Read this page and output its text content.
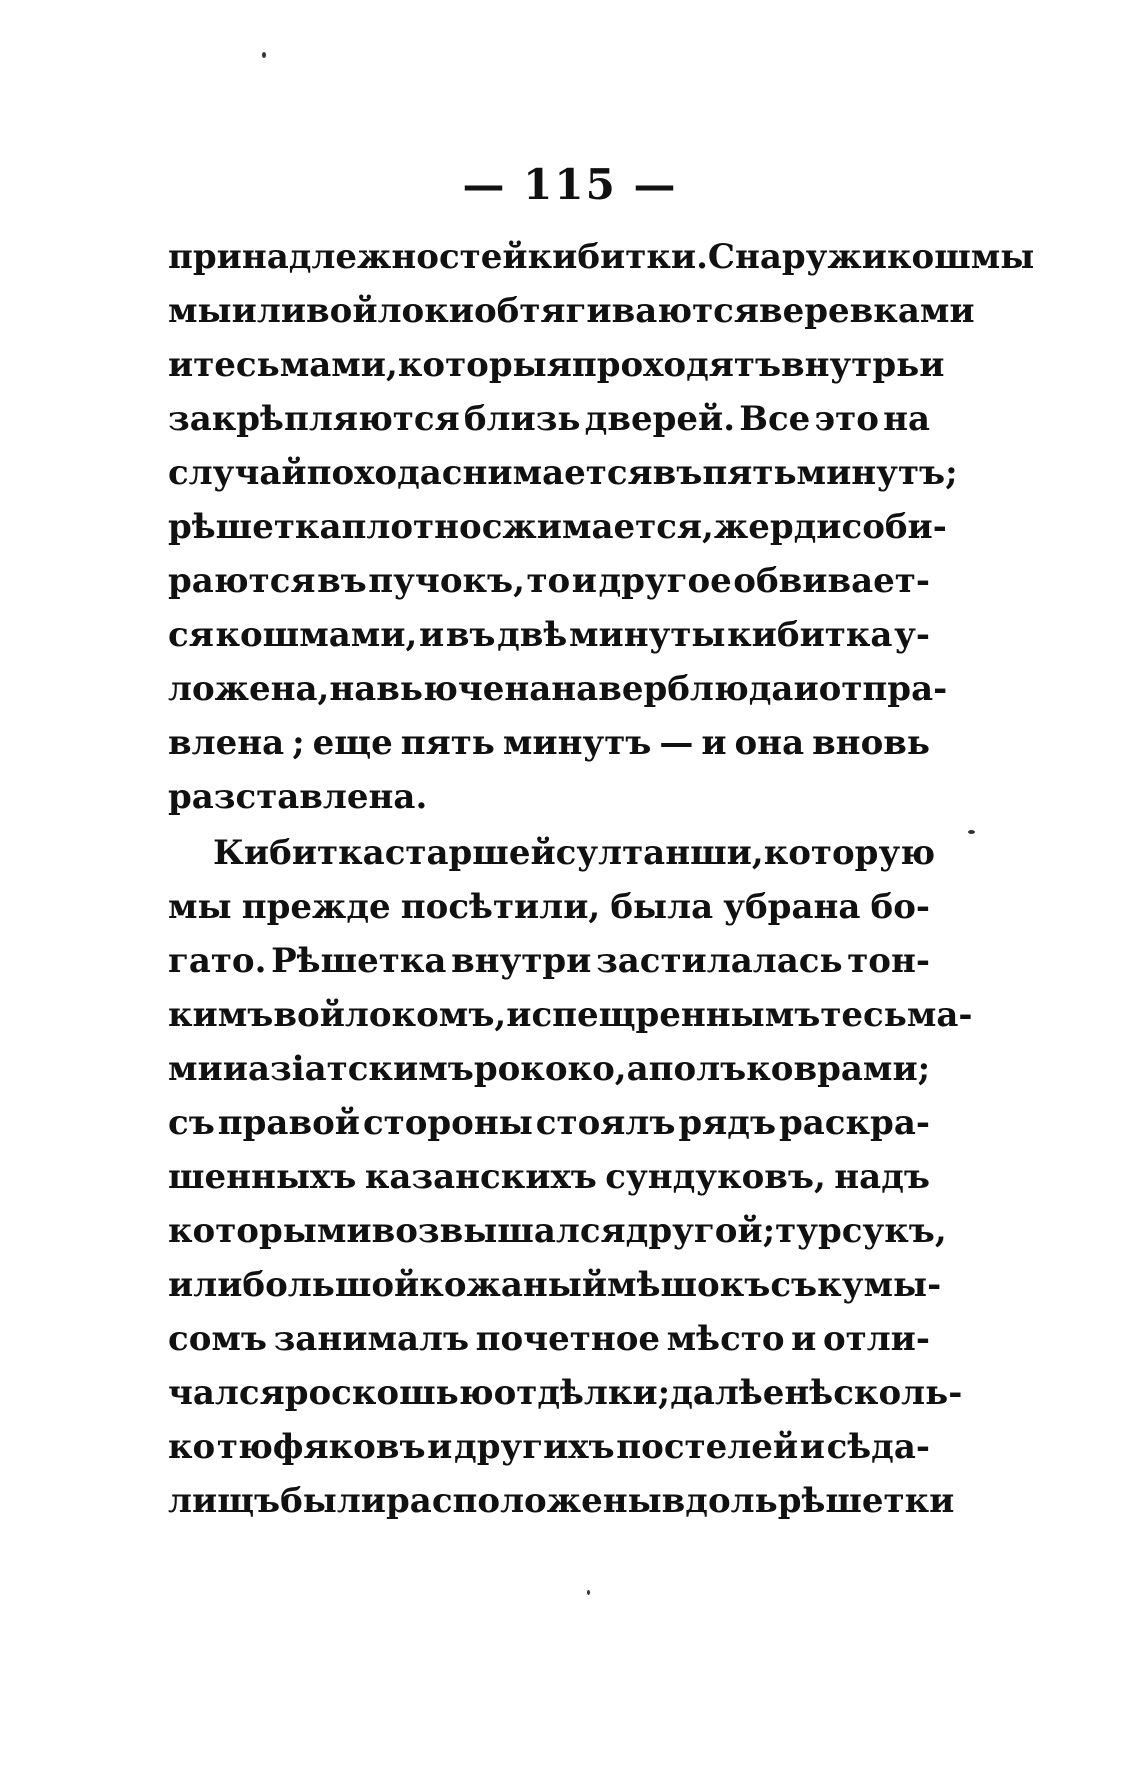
— 115 —
принадлежностей кибитки. Снаружи кошмы
мы или войлоки обтягиваются веревками
и тесьмами, которыя проходятъ внутрь и
закрѣпляются близь дверей. Все это на
случай похода снимается въ пять минутъ;
рѣшетка плотно сжимается, жерди соби-
раются въ пучокъ, то и другое обвивает-
ся кошмами, и въ двѣ минуты кибитка у-
ложена, навьючена на верблюда и отпра-
влена ; еще пять минутъ — и она вновь
разставлена.
Кибитка старшей султанши, которую
мы прежде посѣтили, была убрана бо-
гато. Рѣшетка внутри застилалась тон-
кимъ войлокомъ, испещреннымъ тесьма-
ми и азіатскимъ рококо, а полъ коврами;
съ правой стороны стоялъ рядъ раскра-
шенныхъ казанскихъ сундуковъ, надъ
которыми возвышался другой ; турсукъ,
или большой кожаный мѣшокъ съ кумы-
сомъ занималъ почетное мѣсто и отли-
чался роскошью отдѣлки ; далѣе нѣсколь-
ко тюфяковъ и другихъ постелей и сѣда-
лищъ были расположены вдоль рѣшетки
